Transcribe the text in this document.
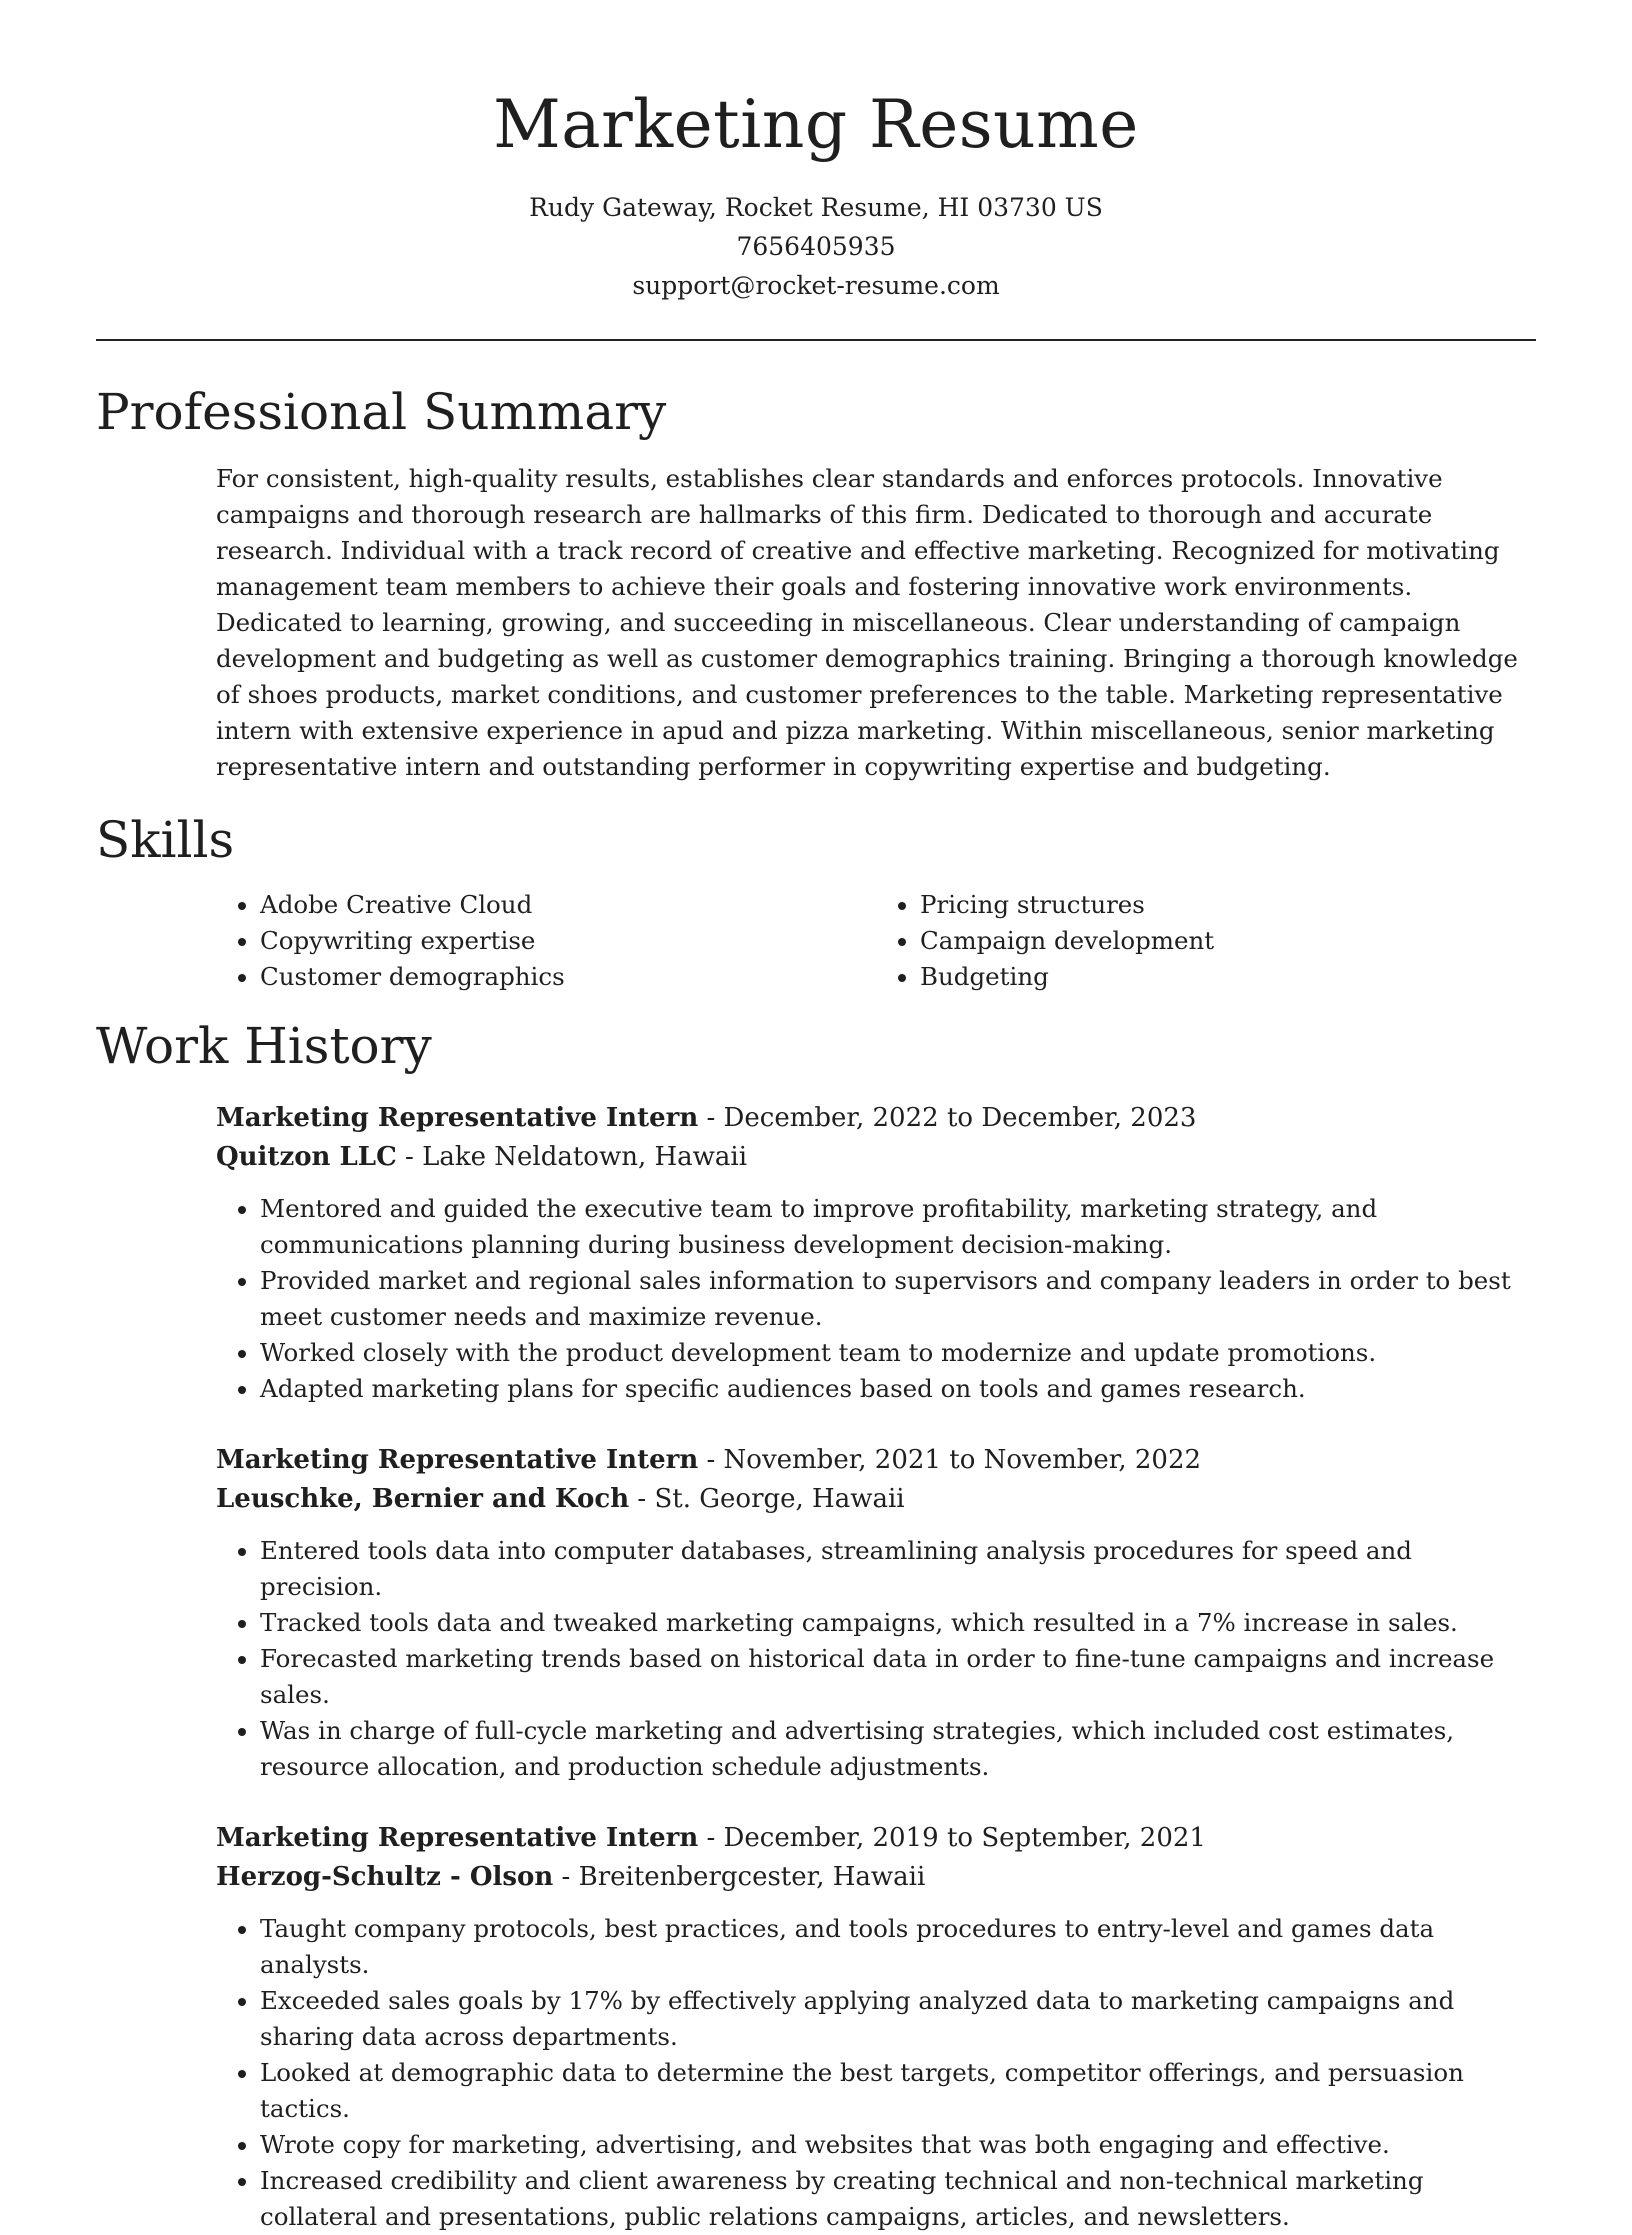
Marketing Resume
Rudy Gateway, Rocket Resume, HI 03730 US
7656405935
support@rocket-resume.com
Professional Summary

For consistent, high-quality results, establishes clear standards and enforces protocols. Innovative campaigns and thorough research are hallmarks of this firm. Dedicated to thorough and accurate research. Individual with a track record of creative and effective marketing. Recognized for motivating management team members to achieve their goals and fostering innovative work environments. Dedicated to learning, growing, and succeeding in miscellaneous. Clear understanding of campaign development and budgeting as well as customer demographics training. Bringing a thorough knowledge of shoes products, market conditions, and customer preferences to the table. Marketing representative intern with extensive experience in apud and pizza marketing. Within miscellaneous, senior marketing representative intern and outstanding performer in copywriting expertise and budgeting.

Skills
• Adobe Creative Cloud
• Copywriting expertise
• Customer demographics
• Pricing structures
• Campaign development
• Budgeting
Work History
Marketing Representative Intern - December, 2022 to December, 2023
Quitzon LLC - Lake Neldatown, Hawaii
• Mentored and guided the executive team to improve profitability, marketing strategy, and communications planning during business development decision-making.
• Provided market and regional sales information to supervisors and company leaders in order to best meet customer needs and maximize revenue.
• Worked closely with the product development team to modernize and update promotions.
• Adapted marketing plans for specific audiences based on tools and games research.
Marketing Representative Intern - November, 2021 to November, 2022
Leuschke, Bernier and Koch - St. George, Hawaii
• Entered tools data into computer databases, streamlining analysis procedures for speed and precision.
• Tracked tools data and tweaked marketing campaigns, which resulted in a 7% increase in sales.
• Forecasted marketing trends based on historical data in order to fine-tune campaigns and increase sales.
• Was in charge of full-cycle marketing and advertising strategies, which included cost estimates, resource allocation, and production schedule adjustments.
Marketing Representative Intern - December, 2019 to September, 2021
Herzog-Schultz - Olson - Breitenbergcester, Hawaii
• Taught company protocols, best practices, and tools procedures to entry-level and games data analysts.
• Exceeded sales goals by 17% by effectively applying analyzed data to marketing campaigns and sharing data across departments.
• Looked at demographic data to determine the best targets, competitor offerings, and persuasion tactics.
• Wrote copy for marketing, advertising, and websites that was both engaging and effective.
• Increased credibility and client awareness by creating technical and non-technical marketing collateral and presentations, public relations campaigns, articles, and newsletters.
